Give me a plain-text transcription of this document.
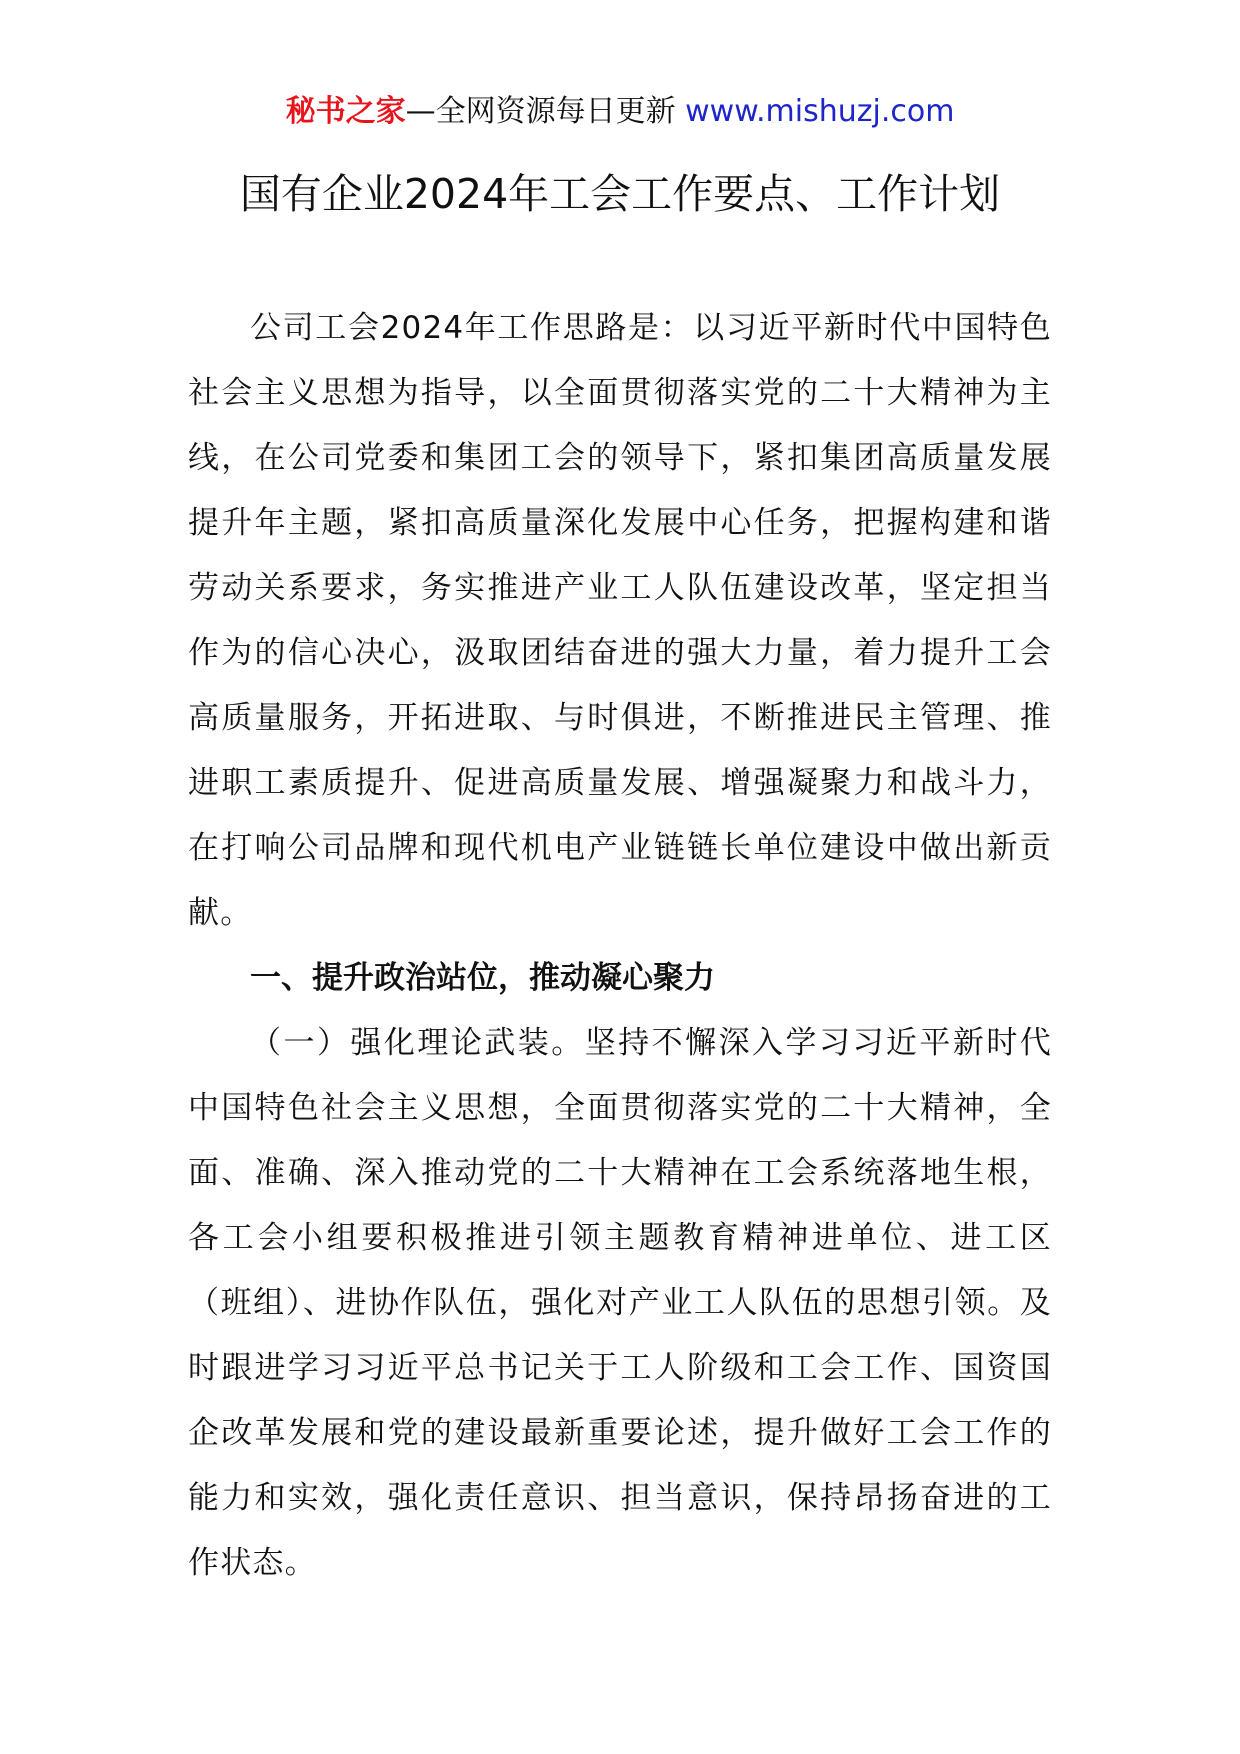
秘书之家—全网资源每日更新 www.mishuzj.com
国有企业2024年工会工作要点、工作计划

公司工会2024年工作思路是：以习近平新时代中国特色社会主义思想为指导，以全面贯彻落实党的二十大精神为主线，在公司党委和集团工会的领导下，紧扣集团高质量发展提升年主题，紧扣高质量深化发展中心任务，把握构建和谐劳动关系要求，务实推进产业工人队伍建设改革，坚定担当作为的信心决心，汲取团结奋进的强大力量，着力提升工会高质量服务，开拓进取、与时俱进，不断推进民主管理、推进职工素质提升、促进高质量发展、增强凝聚力和战斗力，在打响公司品牌和现代机电产业链链长单位建设中做出新贡献。

一、提升政治站位，推动凝心聚力

（一）强化理论武装。坚持不懈深入学习习近平新时代中国特色社会主义思想，全面贯彻落实党的二十大精神，全面、准确、深入推动党的二十大精神在工会系统落地生根，各工会小组要积极推进引领主题教育精神进单位、进工区（班组）、进协作队伍，强化对产业工人队伍的思想引领。及时跟进学习习近平总书记关于工人阶级和工会工作、国资国企改革发展和党的建设最新重要论述，提升做好工会工作的能力和实效，强化责任意识、担当意识，保持昂扬奋进的工作状态。
